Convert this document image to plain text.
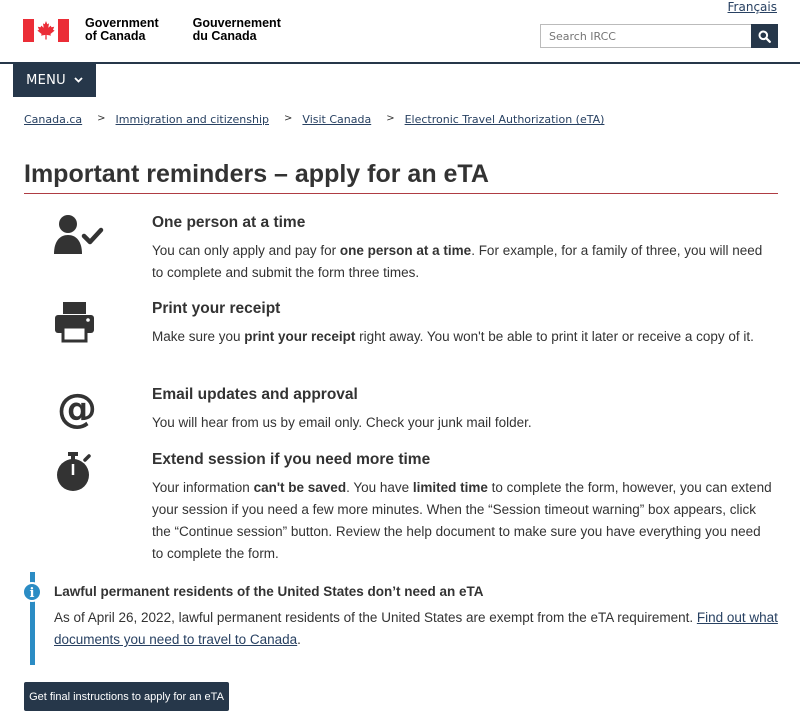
Français
Government
of Canada
Gouvernement
du Canada
Search IRCC
MENU
Canada.ca > Immigration and citizenship > Visit Canada > Electronic Travel Authorization (eTA)
Important reminders – apply for an eTA
One person at a time

You can only apply and pay for one person at a time. For example, for a family of three, you will need to complete and submit the form three times.

Print your receipt

Make sure you print your receipt right away. You won't be able to print it later or receive a copy of it.

@	Email updates and approval

You will hear from us by email only. Check your junk mail folder.

Extend session if you need more time

Your information can't be saved. You have limited time to complete the form, however, you can extend your session if you need a few more minutes. When the “Session timeout warning” box appears, click the “Continue session” button. Review the help document to make sure you have everything you need to complete the form.

i	Lawful permanent residents of the United States don’t need an eTA

As of April 26, 2022, lawful permanent residents of the United States are exempt from the eTA requirement. Find out what documents you need to travel to Canada.

Get final instructions to apply for an eTA
